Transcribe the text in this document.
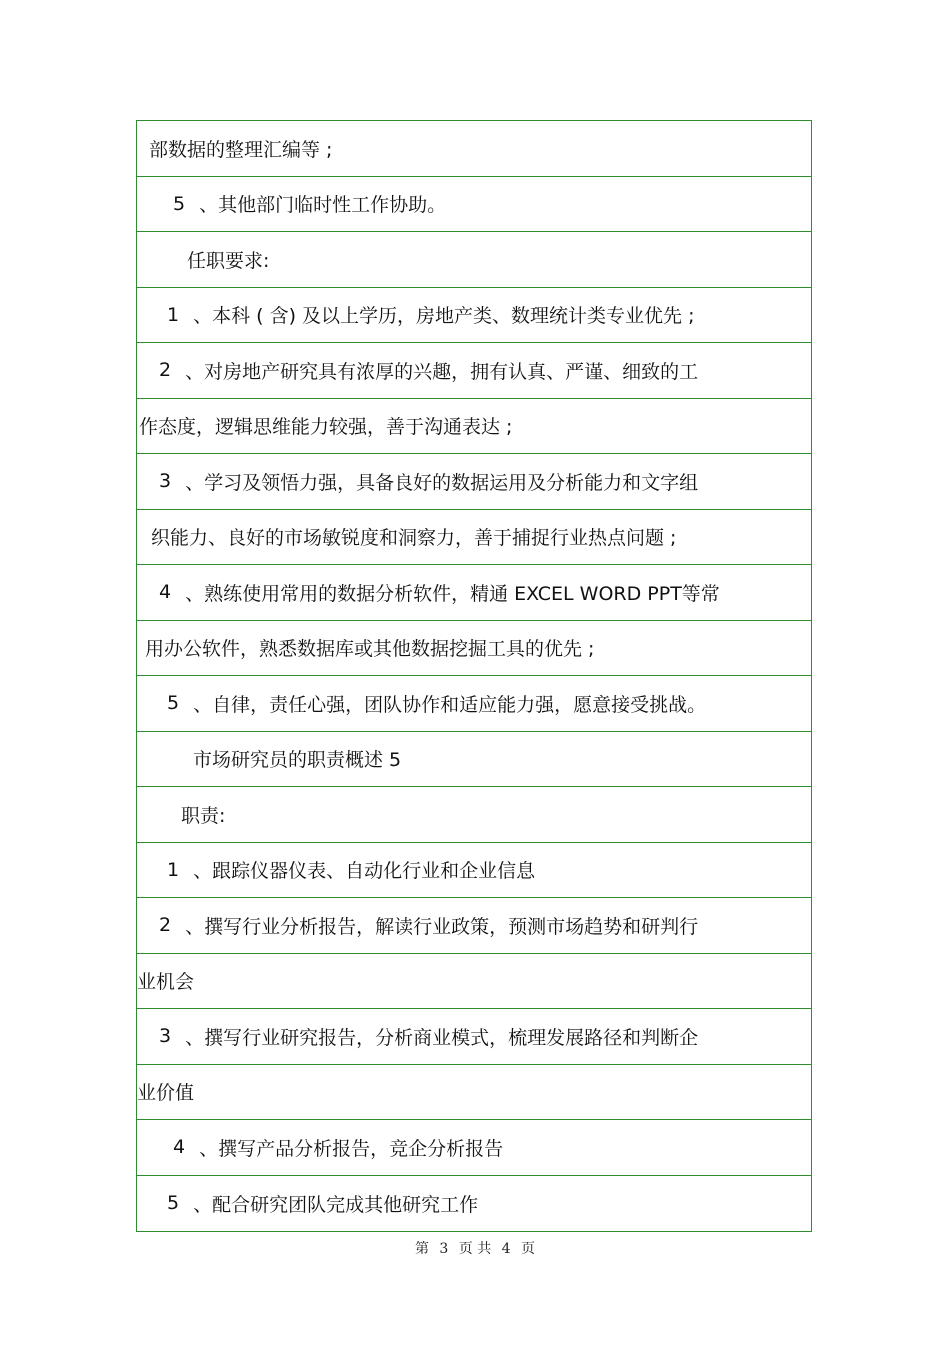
部数据的整理汇编等 ;
5 、其他部门临时性工作协助。
任职要求:
1 、本科 ( 含) 及以上学历，房地产类、数理统计类专业优先 ;
2 、对房地产研究具有浓厚的兴趣，拥有认真、严谨、细致的工
作态度，逻辑思维能力较强，善于沟通表达 ;
3 、学习及领悟力强，具备良好的数据运用及分析能力和文字组
织能力、良好的市场敏锐度和洞察力，善于捕捉行业热点问题 ;
4 、熟练使用常用的数据分析软件，精通 EXCEL WORD PPT等常
用办公软件，熟悉数据库或其他数据挖掘工具的优先 ;
5 、自律，责任心强，团队协作和适应能力强，愿意接受挑战。
市场研究员的职责概述 5
职责:
1 、跟踪仪器仪表、自动化行业和企业信息
2 、撰写行业分析报告，解读行业政策，预测市场趋势和研判行
业机会
3 、撰写行业研究报告，分析商业模式，梳理发展路径和判断企
业价值
4 、撰写产品分析报告，竞企分析报告
5 、配合研究团队完成其他研究工作
第 3 页 共 4 页
